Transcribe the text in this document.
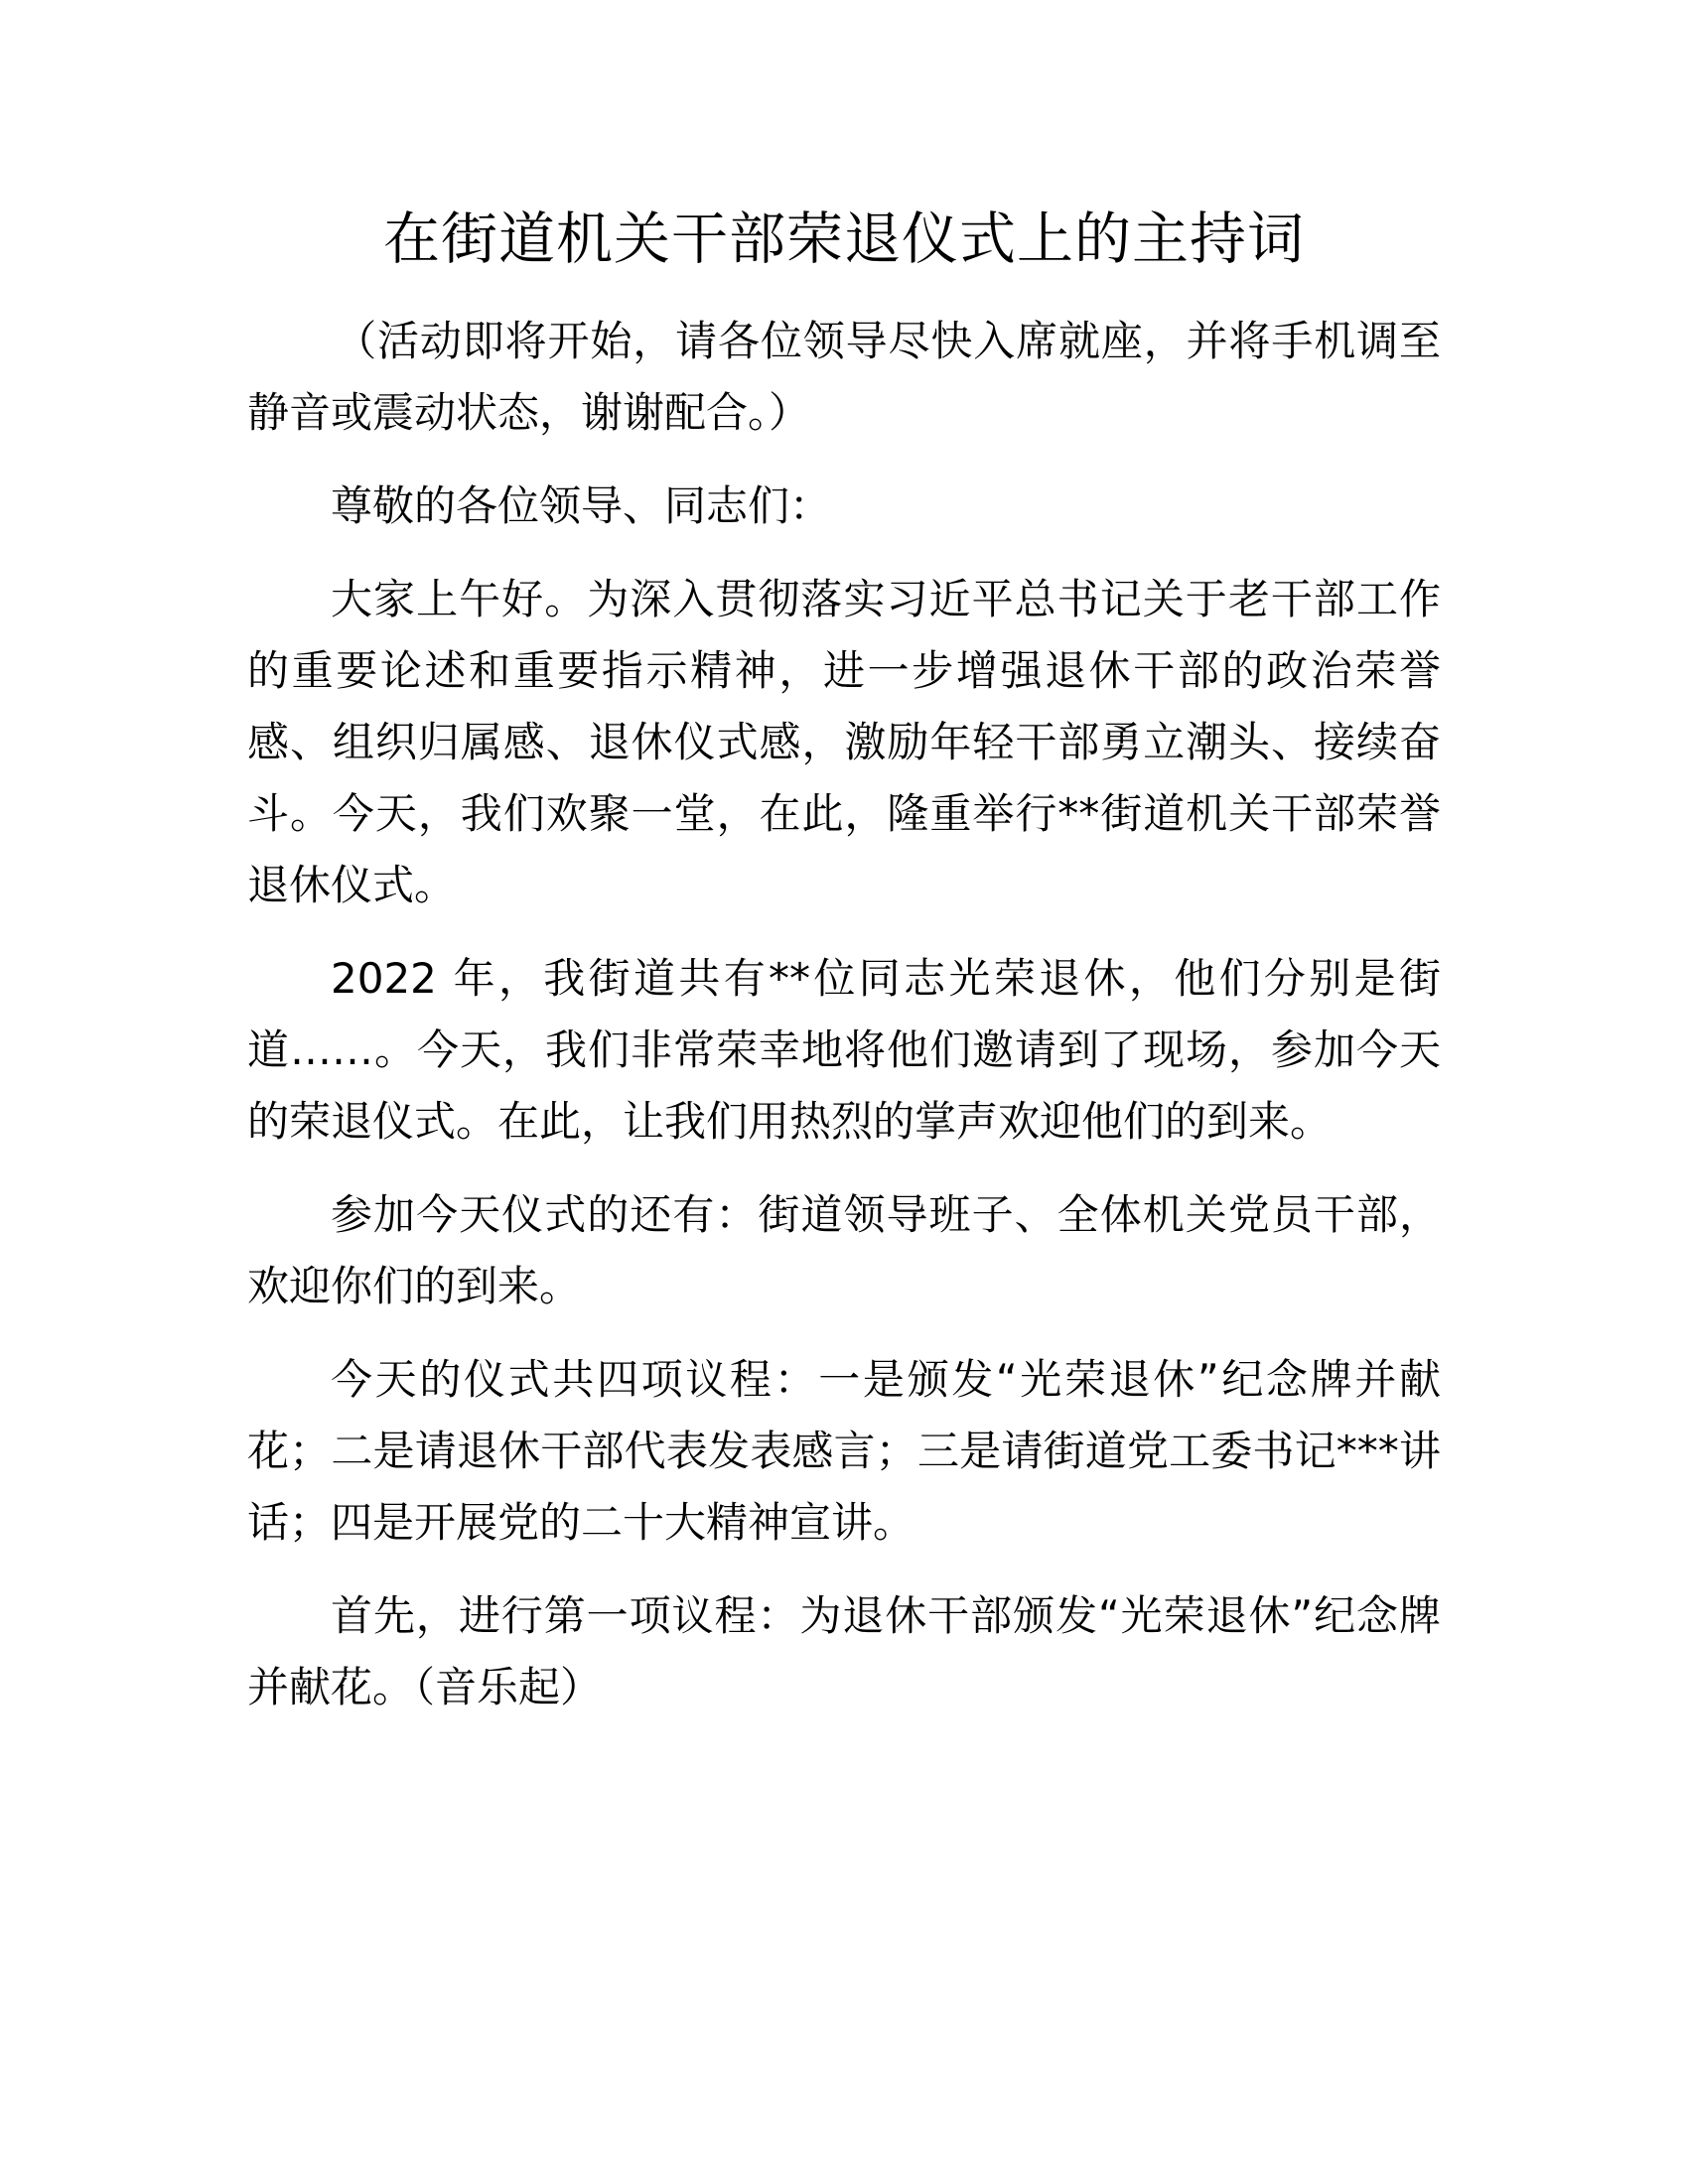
在街道机关干部荣退仪式上的主持词

（活动即将开始，请各位领导尽快入席就座，并将手机调至静音或震动状态，谢谢配合。）

尊敬的各位领导、同志们：

大家上午好。为深入贯彻落实习近平总书记关于老干部工作的重要论述和重要指示精神，进一步增强退休干部的政治荣誉感、组织归属感、退休仪式感，激励年轻干部勇立潮头、接续奋斗。今天，我们欢聚一堂，在此，隆重举行**街道机关干部荣誉退休仪式。

2022 年，我街道共有**位同志光荣退休，他们分别是街道……。今天，我们非常荣幸地将他们邀请到了现场，参加今天的荣退仪式。在此，让我们用热烈的掌声欢迎他们的到来。

参加今天仪式的还有：街道领导班子、全体机关党员干部，欢迎你们的到来。

今天的仪式共四项议程：一是颁发“光荣退休”纪念牌并献花；二是请退休干部代表发表感言；三是请街道党工委书记***讲话；四是开展党的二十大精神宣讲。

首先，进行第一项议程：为退休干部颁发“光荣退休”纪念牌并献花。（音乐起）
